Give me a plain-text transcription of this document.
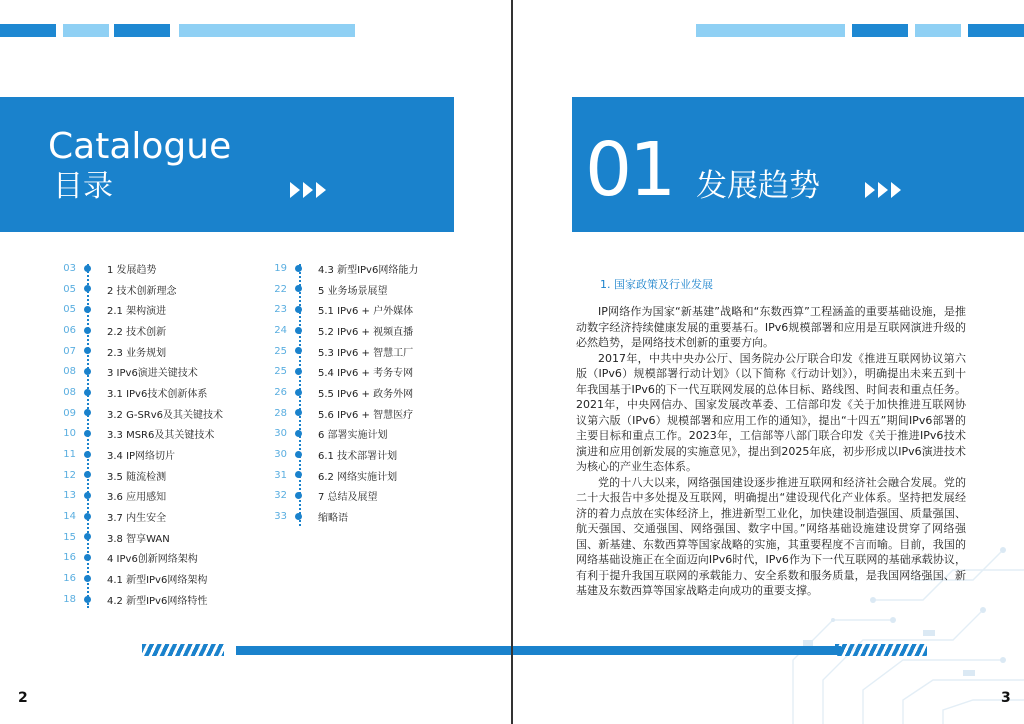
Catalogue
目录
03	1 发展趋势
05	2 技术创新理念
05	2.1 架构演进
06	2.2 技术创新
07	2.3 业务规划
08	3 IPv6演进关键技术
08	3.1 IPv6技术创新体系
09	3.2 G-SRv6及其关键技术
10	3.3 MSR6及其关键技术
11	3.4 IP网络切片
12	3.5 随流检测
13	3.6 应用感知
14	3.7 内生安全
15	3.8 智享WAN
16	4 IPv6创新网络架构
16	4.1 新型IPv6网络架构
18	4.2 新型IPv6网络特性
19	4.3 新型IPv6网络能力
22	5 业务场景展望
23	5.1 IPv6 + 户外媒体
24	5.2 IPv6 + 视频直播
25	5.3 IPv6 + 智慧工厂
25	5.4 IPv6 + 考务专网
26	5.5 IPv6 + 政务外网
28	5.6 IPv6 + 智慧医疗
30	6 部署实施计划
30	6.1 技术部署计划
31	6.2 网络实施计划
32	7 总结及展望
33	缩略语
2
01 发展趋势
1. 国家政策及行业发展

IP网络作为国家“新基建”战略和“东数西算”工程涵盖的重要基础设施，是推动数字经济持续健康发展的重要基石。IPv6规模部署和应用是互联网演进升级的必然趋势，是网络技术创新的重要方向。

2017年，中共中央办公厅、国务院办公厅联合印发《推进互联网协议第六版（IPv6）规模部署行动计划》（以下简称《行动计划》），明确提出未来五到十年我国基于IPv6的下一代互联网发展的总体目标、路线图、时间表和重点任务。2021年，中央网信办、国家发展改革委、工信部印发《关于加快推进互联网协议第六版（IPv6）规模部署和应用工作的通知》，提出“十四五”期间IPv6部署的主要目标和重点工作。2023年，工信部等八部门联合印发《关于推进IPv6技术演进和应用创新发展的实施意见》，提出到2025年底，初步形成以IPv6演进技术为核心的产业生态体系。

党的十八大以来，网络强国建设逐步推进互联网和经济社会融合发展。党的二十大报告中多处提及互联网，明确提出“建设现代化产业体系。坚持把发展经济的着力点放在实体经济上，推进新型工业化，加快建设制造强国、质量强国、航天强国、交通强国、网络强国、数字中国。”网络基础设施建设贯穿了网络强国、新基建、东数西算等国家战略的实施，其重要程度不言而喻。目前，我国的网络基础设施正在全面迈向IPv6时代，IPv6作为下一代互联网的基础承载协议，有利于提升我国互联网的承载能力、安全系数和服务质量，是我国网络强国、新基建及东数西算等国家战略走向成功的重要支撑。

3
